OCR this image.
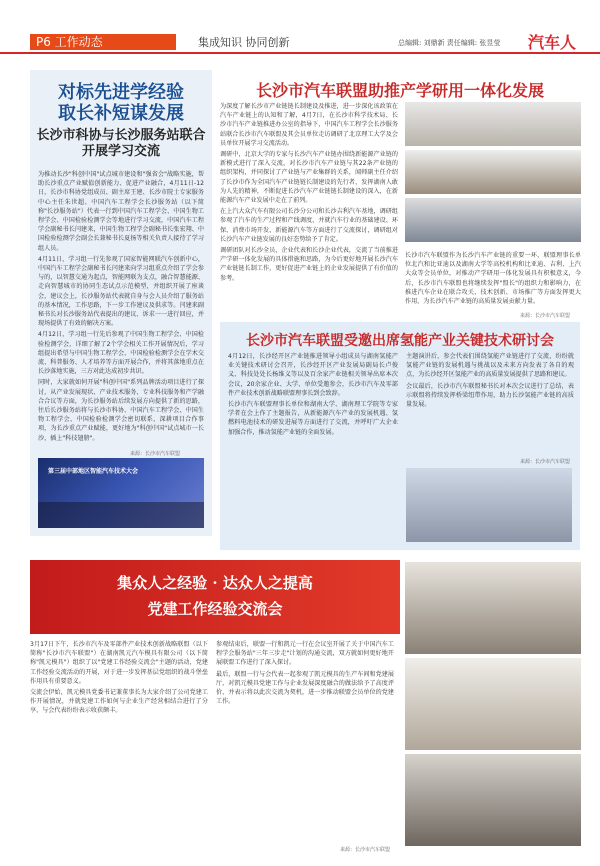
P6 工作动态	集成知识 协同创新	总编辑: 刘鼎新 责任编辑: 张昱莹 汽车人
对标先进学经验
取长补短谋发展
长沙市科协与长沙服务站联合
开展学习交流

为推动长沙"科创中国"试点城市建设和"强省会"战略实施，帮助长沙重点产业赋值创新能力、促进产业融合，4月11日-12日，长沙市科协党组成员、副主席王建、长沙市院士专家服务中心主任朱世超、中国汽车工程学会长沙服务站（以下简称"长沙服务站"）代表一行到中国汽车工程学会、中国生物工程学会、中国检验检测学会等地进行学习交流，中国汽车工程学会副秘书长闫建来，中国生物工程学会副秘书长张宏翔、中国检验检测学会副会长兼秘书长夏扬等相关负责人接待了学习组人员。

4月11日，学习组一行先参观了国家智能网联汽车创新中心，中国汽车工程学会副秘书长闫建来向学习组重点介绍了学会参与的，以智慧交通为起点，智能网联为支点，融合智慧能源、走向智慧城市的协同生态试点示范模型，并组织开展了座谈会，建议会上，长沙服务站代表就自身与会人员介绍了服务站的基本情况，工作思路，下一步工作建议及供求等。闫建来副秘书长对长沙服务站代表提出的建议、诉求一一进行回应，并现场提供了有效的解决方案。

4月12日，学习组一行先后参观了中国生物工程学会、中国检验检测学会，详细了解了2个学会相关工作开展情况后，学习组提出希望与中国生物工程学会、中国检验检测学会在学术交流、科普服务、人才培养等方面开展合作，并将其落地重点在长沙落地实施，三方对此达成初步共识。

同时，大家就如何开展"科创中国"系列品牌活动项目进行了探讨，从产业发展现状、产业技术服务、专业科技服务和产学融合合议等方面，为长沙服务站后续发展方向提供了新的思路，往后长沙服务站将与长沙市科协、中国汽车工程学会、中国生物工程学会、中国检验检测学会密切联系，深耕项目合作事项，为长沙重点产业赋能，更好地为"科创中国"试点城市一长沙，插上"科技翅膀"。

来源：长沙市汽车联盟
第三届中部地区智能汽车技术大会
长沙市汽车联盟助推产学研用一体化发展

为深度了解长沙市产业链链长制建设及推进，进一步深化该政策在汽车产业链上的认知和了解，4月7日，在长沙市科学技术局、长沙市汽车产业链推进办公室的指导下，中国汽车工程学会长沙服务站联合长沙市汽车联盟及其会员单位走访调研了北京理工大学及会员单位开展学习交流活动。

调研中，北京大学的专家与长沙汽车产业链办围绕新能源产业链的新模式进行了深入交流，对长沙市汽车产业链与其22条产业链的组织架构，并同探讨了产业链与产业集群的关系，闻师副主任介绍了长沙市作为全国汽车产业链链长制建设的先行者，发挥湖南人敢为人先的精神，不断促进长沙汽车产业链链长制建设的深入，在新能源汽车产业发展中走在了前列。

在上汽大众汽车有限公司长沙分公司和长沙吉利汽车基地，调研组参观了汽车的生产过程和产线调度，并就汽车行业的基础建设、环保、消费市场开发、新能源汽车等方面进行了交流探讨，调研组对长沙汽车产业链发展的良好态势给予了肯定。

调研团队对长沙全员、企业代表和长沙企业代表，交流了当前推进产学研一体化发展的具体措施和思路，为今后更好地开展长沙汽车产业链链长制工作，更好促进产业链上的企业发展提供了有价值的参考。

长沙市汽车联盟作为长沙汽车产业链的重要一环，联盟理事长单位北汽和比亚迪以及湖南大学等高校机构和比亚迪、吉利、上汽大众等会员单位，对推动产学研用一体化发展具有积极意义，今后，长沙市汽车联盟也将继续发挥"盟长"的组织力和影响力，在推进汽车企业在联合攻关、技术创新、市场推广等方面发挥更大作用，为长沙汽车产业链的高质量发展贡献力量。

来源：长沙市汽车联盟
长沙市汽车联盟受邀出席氢能产业关键技术研讨会

4月12日，长沙经开区产业链推进领导小组成员与湖南氢能产业关键技术研讨会召开，长沙经开区产业发展局副局长卢俊义、科技处处长杨维义等以及百余家产业链相关领导出席本次会议，20余家企业、大学、单位受邀参会，长沙市汽车及零部件产业技术创新战略联盟理事长到会致辞。

长沙市汽车联盟理事长单位和湖南大学、湖南理工学院等专家学者在会上作了主题报告，从新能源汽车产业的发展机遇、氢燃料电池技术的研发进展等方面进行了交流，并呼吁广大企业加强合作，推动氢能产业链的全面发展。

主题演讲后，参会代表们围绕氢能产业链进行了交流，纷纷就氢能产业链的发展机遇与挑战以及未来方向发表了各自的观点，为长沙经开区氢能产业的高质量发展提供了思路和建议。

会议最后，长沙市汽车联盟秘书长对本次会议进行了总结，表示联盟将持续发挥桥梁纽带作用，助力长沙氢能产业链的高质量发展。

来源：长沙市汽车联盟
集众人之经验 · 达众人之提高
党建工作经验交流会

3月17日下午，长沙市汽车及零部件产业技术创新战略联盟（以下简称"长沙市汽车联盟"）在湖南凯元汽车模具有限公司（以下简称"凯元模具"）组织了以"党建工作经验交流会"主题的活动，党建工作经验交流活动的开展，对于进一步发挥基层党组织的战斗堡垒作用具有重要意义。

交流会伊始，凯元模具党委书记兼董事长为大家介绍了公司党建工作开展情况，并就党建工作如何与企业生产经营相结合进行了分享，与会代表纷纷表示收获颇丰。

参观结束后，联盟一行和凯元一行在会议室开展了关于中国汽车工程学会服务站"三年三步走"计划的沟通交流，双方就如何更好地开展联盟工作进行了深入探讨。

最后，联盟一行与会代表一起参观了凯元模具的生产车间和党建展厅，对凯元模具党建工作与企业发展深度融合的做法给予了高度评价，并表示将以此次交流为契机，进一步推动联盟会员单位的党建工作。

来源：长沙市汽车联盟
